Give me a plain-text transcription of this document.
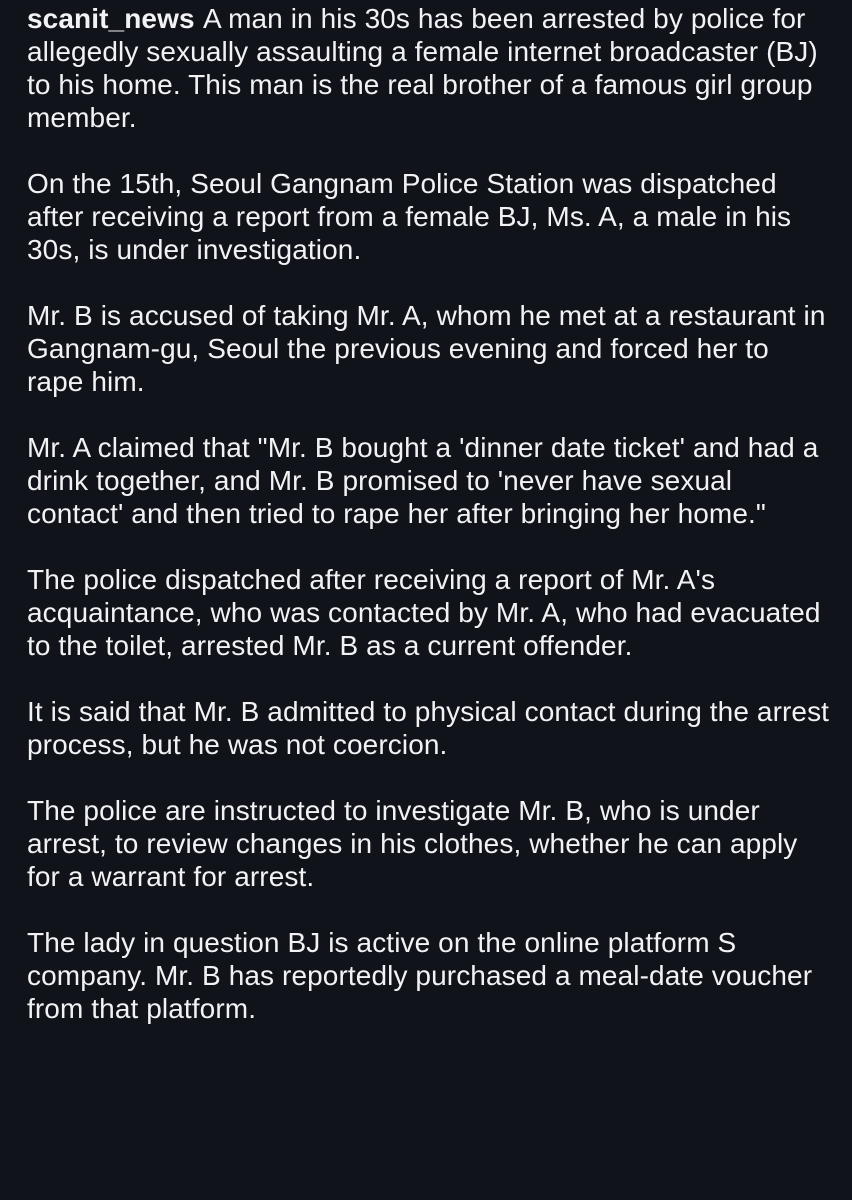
scanit_news A man in his 30s has been arrested by police for allegedly sexually assaulting a female internet broadcaster (BJ) to his home. This man is the real brother of a famous girl group member.

On the 15th, Seoul Gangnam Police Station was dispatched after receiving a report from a female BJ, Ms. A, a male in his 30s, is under investigation.

Mr. B is accused of taking Mr. A, whom he met at a restaurant in Gangnam-gu, Seoul the previous evening and forced her to rape him.

Mr. A claimed that "Mr. B bought a 'dinner date ticket' and had a drink together, and Mr. B promised to 'never have sexual contact' and then tried to rape her after bringing her home."

The police dispatched after receiving a report of Mr. A's acquaintance, who was contacted by Mr. A, who had evacuated to the toilet, arrested Mr. B as a current offender.

It is said that Mr. B admitted to physical contact during the arrest process, but he was not coercion.

The police are instructed to investigate Mr. B, who is under arrest, to review changes in his clothes, whether he can apply for a warrant for arrest.

The lady in question BJ is active on the online platform S company. Mr. B has reportedly purchased a meal-date voucher from that platform.
